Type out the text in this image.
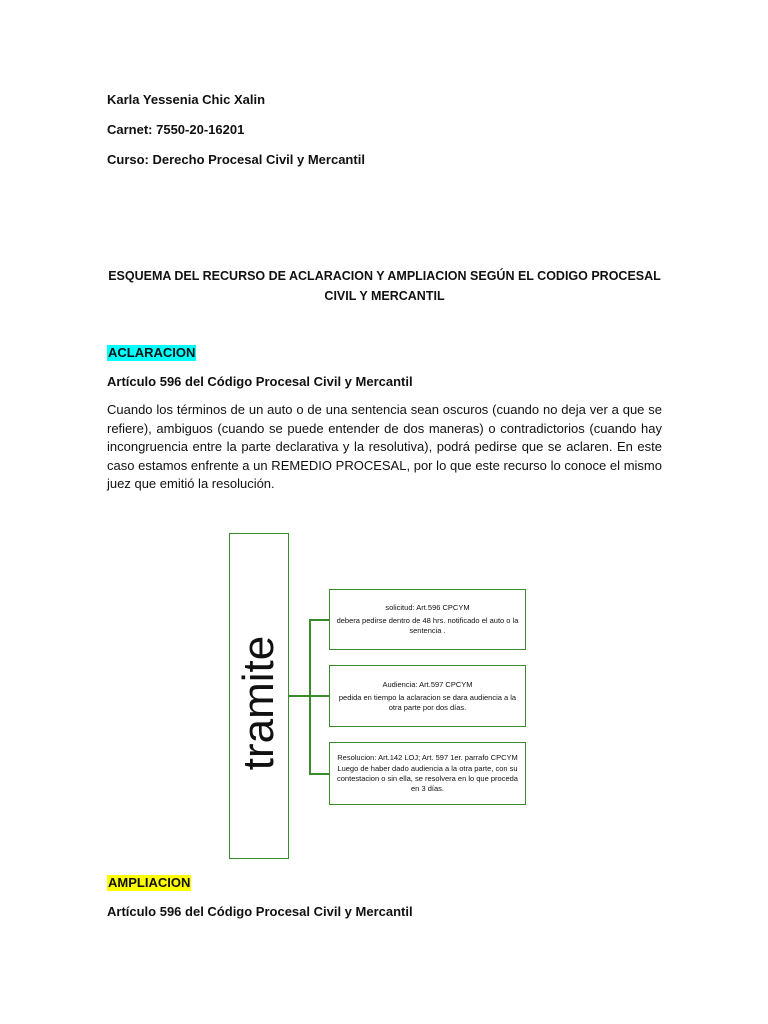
Karla Yessenia Chic Xalin
Carnet: 7550-20-16201
Curso: Derecho Procesal Civil y Mercantil
ESQUEMA DEL RECURSO DE ACLARACION Y AMPLIACION SEGÚN EL CODIGO PROCESAL CIVIL Y MERCANTIL
ACLARACION
Artículo 596 del Código Procesal Civil y Mercantil

Cuando los términos de un auto o de una sentencia sean oscuros (cuando no deja ver a que se refiere), ambiguos (cuando se puede entender de dos maneras) o contradictorios (cuando hay incongruencia entre la parte declarativa y la resolutiva), podrá pedirse que se aclaren. En este caso estamos enfrente a un REMEDIO PROCESAL, por lo que este recurso lo conoce el mismo juez que emitió la resolución.

tramite
solicitud: Art.596 CPCYM
debera pedirse dentro de 48 hrs. notificado el auto o la sentencia .
Audiencia: Art.597 CPCYM
pedida en tiempo la aclaracion se dara audiencia a la otra parte por dos días.
Resolucion: Art.142 LOJ; Art. 597 1er. parrafo CPCYM
Luego de haber dado audiencia a la otra parte, con su contestacion o sin ella, se resolvera en lo que proceda en 3 días.
AMPLIACION
Artículo 596 del Código Procesal Civil y Mercantil
